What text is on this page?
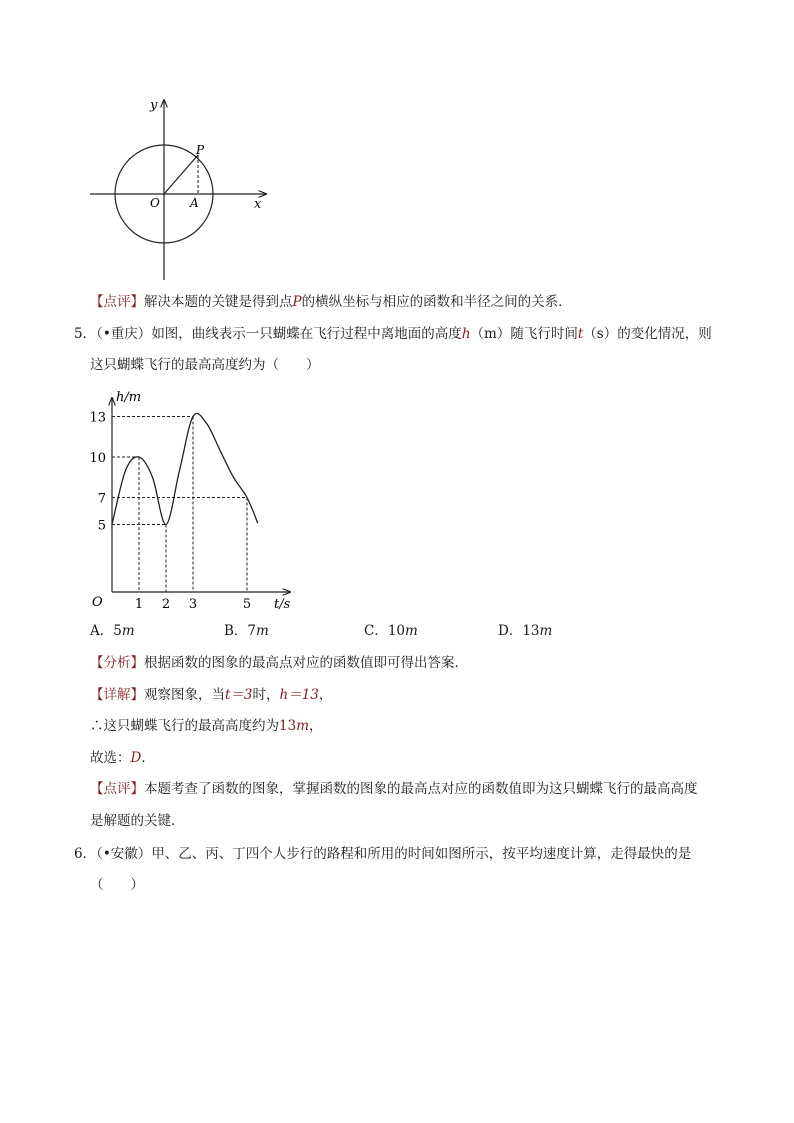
y
P
O	A	x
【点评】解决本题的关键是得到点P的横纵坐标与相应的函数和半径之间的关系．
5．（•重庆）如图，曲线表示一只蝴蝶在飞行过程中离地面的高度h（m）随飞行时间t（s）的变化情况，则
这只蝴蝶飞行的最高高度约为（　　）
h/m
t/s
O 1 2 3	5
5
7
10
13
A．5m	B．7m	C．10m	D．13m
【分析】根据函数的图象的最高点对应的函数值即可得出答案．
【详解】观察图象，当t＝3时，h＝13，
∴这只蝴蝶飞行的最高高度约为13m，
故选：D．
【点评】本题考查了函数的图象，掌握函数的图象的最高点对应的函数值即为这只蝴蝶飞行的最高高度
是解题的关键．
6．（•安徽）甲、乙、丙、丁四个人步行的路程和所用的时间如图所示，按平均速度计算，走得最快的是
（　　）
